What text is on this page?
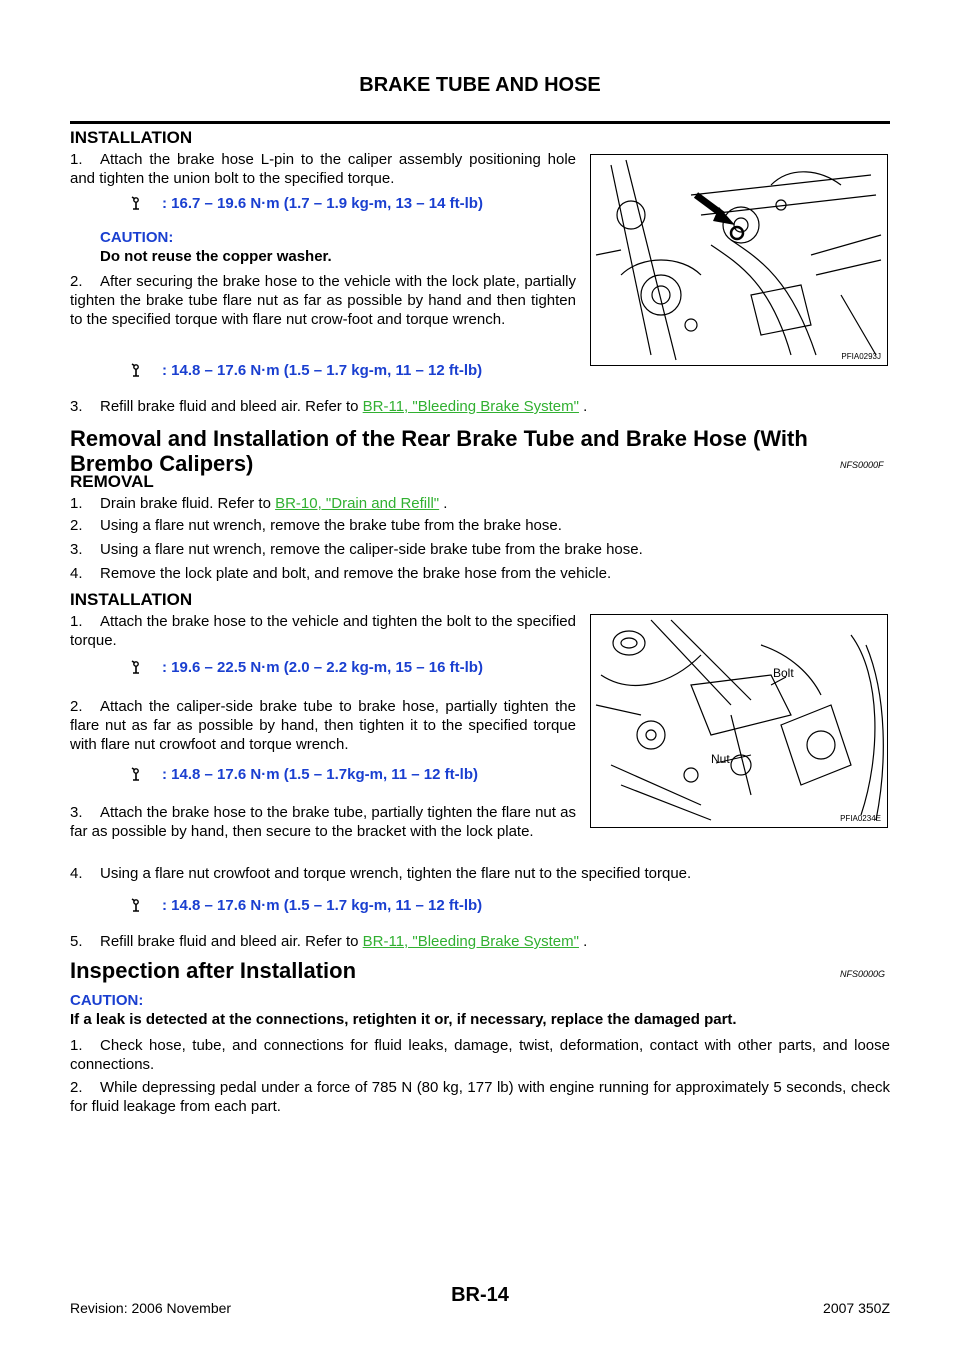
BRAKE TUBE AND HOSE
INSTALLATION
1. Attach the brake hose L-pin to the caliper assembly positioning hole and tighten the union bolt to the specified torque.
: 16.7 – 19.6 N·m (1.7 – 1.9 kg-m, 13 – 14 ft-lb)
CAUTION:
Do not reuse the copper washer.
2. After securing the brake hose to the vehicle with the lock plate, partially tighten the brake tube flare nut as far as possible by hand and then tighten to the specified torque with flare nut crow-foot and torque wrench.
: 14.8 – 17.6 N·m (1.5 – 1.7 kg-m, 11 – 12 ft-lb)
3. Refill brake fluid and bleed air. Refer to BR-11, "Bleeding Brake System" .
PFIA0293J
Removal and Installation of the Rear Brake Tube and Brake Hose (With Brembo Calipers)	NFS0000F
REMOVAL
1. Drain brake fluid. Refer to BR-10, "Drain and Refill" .
2. Using a flare nut wrench, remove the brake tube from the brake hose.
3. Using a flare nut wrench, remove the caliper-side brake tube from the brake hose.
4. Remove the lock plate and bolt, and remove the brake hose from the vehicle.
INSTALLATION
1. Attach the brake hose to the vehicle and tighten the bolt to the specified torque.
: 19.6 – 22.5 N·m (2.0 – 2.2 kg-m, 15 – 16 ft-lb)
2. Attach the caliper-side brake tube to brake hose, partially tighten the flare nut as far as possible by hand, then tighten it to the specified torque with flare nut crowfoot and torque wrench.
: 14.8 – 17.6 N·m (1.5 – 1.7kg-m, 11 – 12 ft-lb)
3. Attach the brake hose to the brake tube, partially tighten the flare nut as far as possible by hand, then secure to the bracket with the lock plate.
4. Using a flare nut crowfoot and torque wrench, tighten the flare nut to the specified torque.
: 14.8 – 17.6 N·m (1.5 – 1.7 kg-m, 11 – 12 ft-lb)
5. Refill brake fluid and bleed air. Refer to BR-11, "Bleeding Brake System" .
Bolt
Nut
PFIA0234E
Inspection after Installation	NFS0000G
CAUTION:
If a leak is detected at the connections, retighten it or, if necessary, replace the damaged part.
1. Check hose, tube, and connections for fluid leaks, damage, twist, deformation, contact with other parts, and loose connections.
2. While depressing pedal under a force of 785 N (80 kg, 177 lb) with engine running for approximately 5 seconds, check for fluid leakage from each part.
Revision: 2006 November
BR-14
2007 350Z
